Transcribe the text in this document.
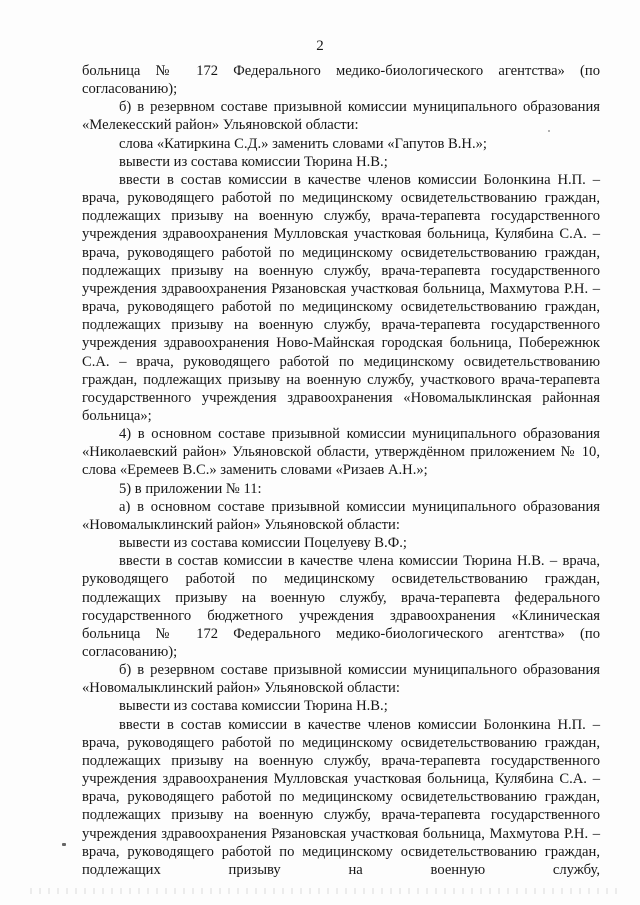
2

больница № 172 Федерального медико-биологического агентства» (по согласованию);

б) в резервном составе призывной комиссии муниципального образования «Мелекесский район» Ульяновской области:

слова «Катиркина С.Д.» заменить словами «Гапутов В.Н.»;

вывести из состава комиссии Тюрина Н.В.;

ввести в состав комиссии в качестве членов комиссии Болонкина Н.П. – врача, руководящего работой по медицинскому освидетельствованию граждан, подлежащих призыву на военную службу, врача-терапевта государственного учреждения здравоохранения Мулловская участковая больница, Кулябина С.А. – врача, руководящего работой по медицинскому освидетельствованию граждан, подлежащих призыву на военную службу, врача-терапевта государственного учреждения здравоохранения Рязановская участковая больница, Махмутова Р.Н. – врача, руководящего работой по медицинскому освидетельствованию граждан, подлежащих призыву на военную службу, врача-терапевта государственного учреждения здравоохранения Ново-Майнская городская больница, Побережнюк С.А. – врача, руководящего работой по медицинскому освидетельствованию граждан, подлежащих призыву на военную службу, участкового врача-терапевта государственного учреждения здравоохранения «Новомалыклинская районная больница»;

4) в основном составе призывной комиссии муниципального образования «Николаевский район» Ульяновской области, утверждённом приложением № 10, слова «Еремеев В.С.» заменить словами «Ризаев А.Н.»;

5) в приложении № 11:

а) в основном составе призывной комиссии муниципального образования «Новомалыклинский район» Ульяновской области:

вывести из состава комиссии Поцелуеву В.Ф.;

ввести в состав комиссии в качестве члена комиссии Тюрина Н.В. – врача, руководящего работой по медицинскому освидетельствованию граждан, подлежащих призыву на военную службу, врача-терапевта федерального государственного бюджетного учреждения здравоохранения «Клиническая больница № 172 Федерального медико-биологического агентства» (по согласованию);

б) в резервном составе призывной комиссии муниципального образования «Новомалыклинский район» Ульяновской области:

вывести из состава комиссии Тюрина Н.В.;

ввести в состав комиссии в качестве членов комиссии Болонкина Н.П. – врача, руководящего работой по медицинскому освидетельствованию граждан, подлежащих призыву на военную службу, врача-терапевта государственного учреждения здравоохранения Мулловская участковая больница, Кулябина С.А. – врача, руководящего работой по медицинскому освидетельствованию граждан, подлежащих призыву на военную службу, врача-терапевта государственного учреждения здравоохранения Рязановская участковая больница, Махмутова Р.Н. – врача, руководящего работой по медицинскому освидетельствованию граждан, подлежащих призыву на военную службу,
